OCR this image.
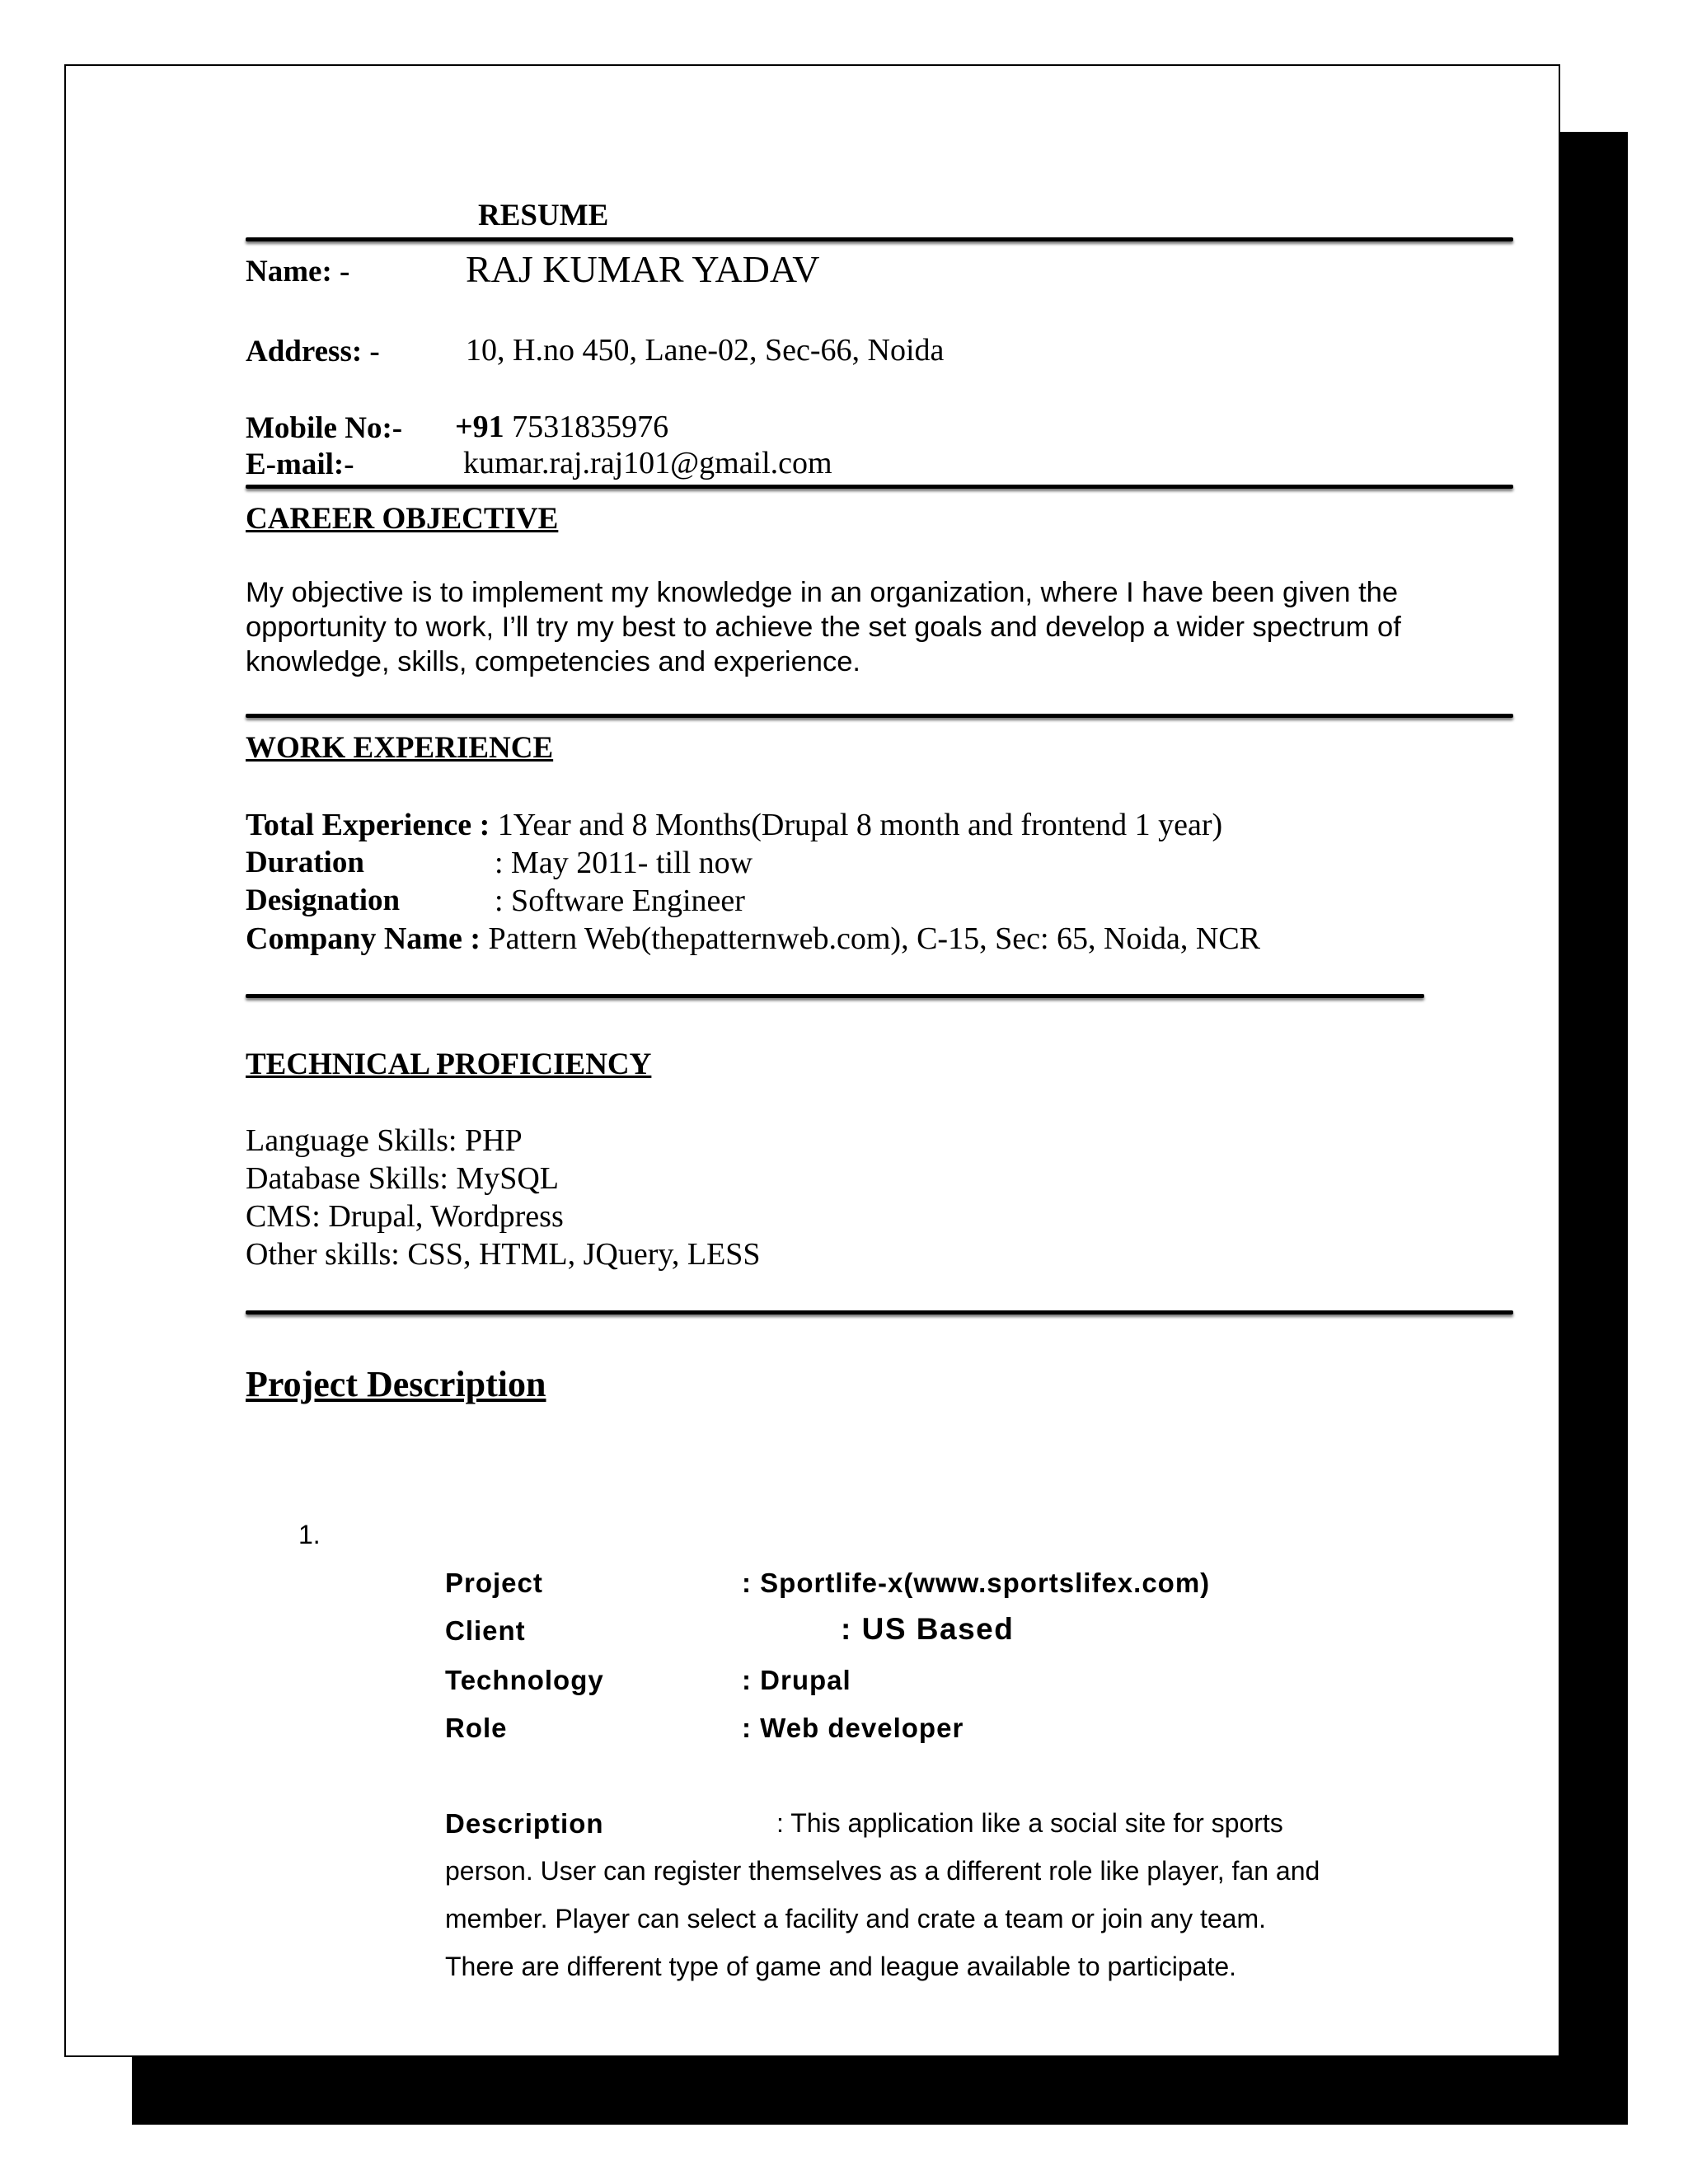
RESUME
Name: -	RAJ KUMAR YADAV
Address: -	10, H.no 450, Lane-02, Sec-66, Noida
Mobile No:- +91 7531835976
E-mail:-	kumar.raj.raj101@gmail.com
CAREER OBJECTIVE
My objective is to implement my knowledge in an organization, where I have been given the opportunity to work, I’ll try my best to achieve the set goals and develop a wider spectrum of knowledge, skills, competencies and experience.
WORK EXPERIENCE
Total Experience : 1Year and 8 Months(Drupal 8 month and frontend 1 year)
Duration	: May 2011- till now
Designation	: Software Engineer
Company Name : Pattern Web(thepatternweb.com), C-15, Sec: 65, Noida, NCR
TECHNICAL PROFICIENCY
Language Skills: PHP
Database Skills: MySQL
CMS: Drupal, Wordpress
Other skills: CSS, HTML, JQuery, LESS
Project Description
1.
Project	: Sportlife-x(www.sportslifex.com)
Client	: US Based
Technology	: Drupal
Role	: Web developer
Description	: This application like a social site for sports
person. User can register themselves as a different role like player, fan and
member. Player can select a facility and crate a team or join any team.
There are different type of game and league available to participate.
